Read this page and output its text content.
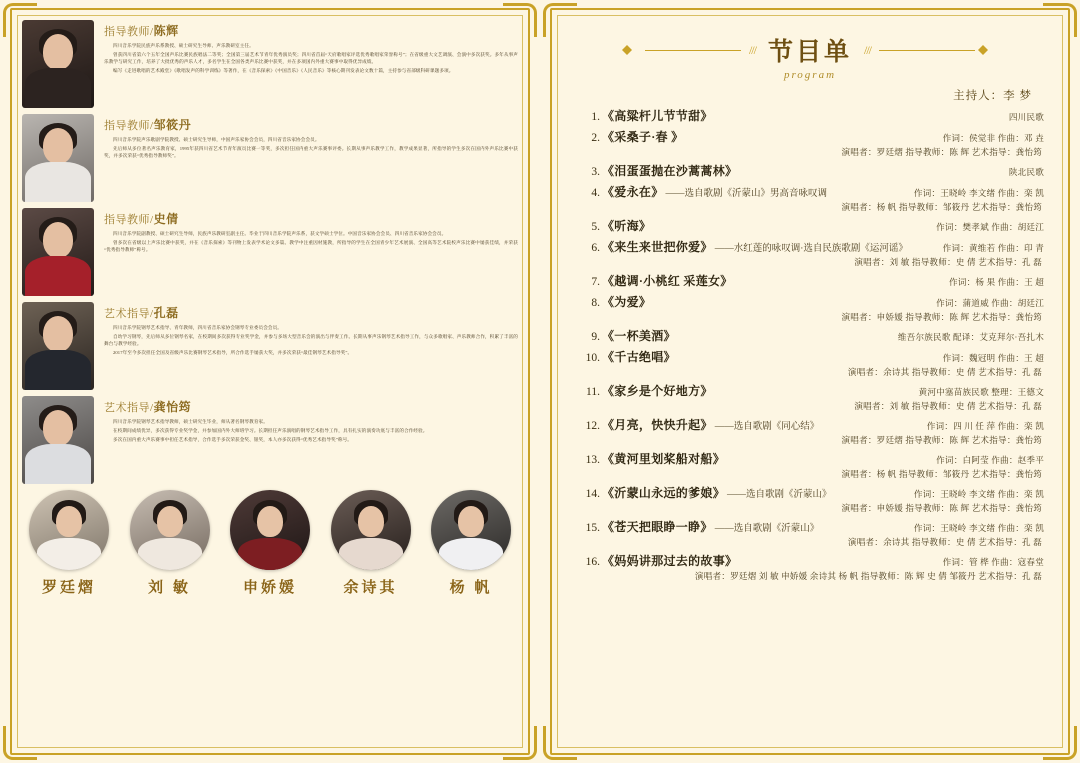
指导教师/陈辉

四川音乐学院民族声乐系教授、硕士研究生导师、声乐教研室主任。

曾获四川省第六个五年全国声乐比赛民族唱法二等奖；全国第三届艺术节青年优秀演员奖；四川省首届“天府歌唱家评选优秀歌唱家荣誉称号”；在省级重大文艺调演、会演中多次获奖。多年从事声乐教学与研究工作，培养了大批优秀的声乐人才，多名学生在全国各类声乐比赛中获奖，并在多项国内外重大赛事中取得优异成绩。

编写《走进歌唱的艺术殿堂》《歌唱发声的科学训练》等著作，在《音乐探索》《中国音乐》《人民音乐》等核心期刊发表论文数十篇，主持参与省部级科研课题多项。

指导教师/邹筱丹

四川音乐学院声乐歌剧学院教授、硕士研究生导师，中国声乐家协会会员，四川省音乐家协会会员。

先后师从多位著名声乐教育家，1995年获四川省艺术节青年演员比赛一等奖，多次担任国内重大声乐赛事评委。长期从事声乐教学工作，教学成果显著，所指导的学生多次在国内外声乐比赛中获奖，并多次荣获“优秀指导教师奖”。

指导教师/史倩

四川音乐学院副教授、硕士研究生导师，民族声乐教研室副主任。毕业于四川音乐学院声乐系，获文学硕士学位。中国音乐家协会会员、四川省音乐家协会会员。

曾多次在省级以上声乐比赛中获奖，并在《音乐探索》等刊物上发表学术论文多篇。教学中注重因材施教，所指导的学生在全国青少年艺术展演、全国高等艺术院校声乐比赛中屡获佳绩，并荣获“优秀指导教师”称号。

艺术指导/孔磊

四川音乐学院钢琴艺术指导、青年教师，四川省音乐家协会钢琴专业委员会会员。

自幼学习钢琴，先后师从多位钢琴名家，在校期间多次获得专业奖学金，并参与多场大型音乐会的演出与伴奏工作。长期从事声乐钢琴艺术指导工作，与众多歌唱家、声乐教师合作，积累了丰富的舞台与教学经验。

2017年至今多次担任全国及省级声乐比赛钢琴艺术指导，所合作选手屡获大奖，并多次荣获“最佳钢琴艺术指导奖”。

艺术指导/龚怡筠

四川音乐学院钢琴艺术指导教师，硕士研究生毕业，师从著名钢琴教育家。

在校期间成绩优异，多次获得专业奖学金，并参加国内外大师班学习。长期担任声乐演唱的钢琴艺术指导工作，具有扎实的演奏功底与丰富的合作经验。

多次在国内重大声乐赛事中担任艺术指导，合作选手多次荣获金奖、银奖，本人亦多次获得“优秀艺术指导奖”称号。

罗廷熠	刘 敏	申娇媛	余诗其	杨 帆
/// 节目单	///
program
主持人：李 梦
1. 《高粱杆儿节节甜》	四川民歌
2. 《采桑子·春 》	作词：侯觉非 作曲：邓 垚
演唱者：罗廷熠 指导教师：陈 辉 艺术指导：龚怡筠
3. 《泪蛋蛋抛在沙蒿蒿林》	陕北民歌
4. 《爱永在》 ——选自歌剧《沂蒙山》男高音咏叹调	作词：王晓岭 李文绪 作曲：栾 凯
演唱者：杨 帆 指导教师：邹筱丹 艺术指导：龚怡筠
5. 《听海》	作词：樊孝斌 作曲：胡廷江
6. 《来生来世把你爱》 ——水红莲的咏叹调·选自民族歌剧《运河谣》	作词：黄维若 作曲：印 青
演唱者：刘 敏 指导教师：史 倩 艺术指导：孔 磊
7. 《越调·小桃红 采莲女》	作词：杨 果 作曲：王 超
8. 《为爱》	作词：蒲道威 作曲：胡廷江
演唱者：申娇媛 指导教师：陈 辉 艺术指导：龚怡筠
9. 《一杯美酒》	维吾尔族民歌 配译：艾克拜尔·吾扎木
10. 《千古绝唱》	作词：魏冠明 作曲：王 超
演唱者：余诗其 指导教师：史 倩 艺术指导：孔 磊
11. 《家乡是个好地方》	黄河中塞苗族民歌 整理：王德文
演唱者：刘 敏 指导教师：史 倩 艺术指导：孔 磊
12. 《月亮，快快升起》 ——选自歌剧《同心结》	作词：四 川 任 萍 作曲：栾 凯
演唱者：罗廷熠 指导教师：陈 辉 艺术指导：龚怡筠
13. 《黄河里划桨船对船》	作词：白阿莹 作曲：赵季平
演唱者：杨 帆 指导教师：邹筱丹 艺术指导：龚怡筠
14. 《沂蒙山永远的爹娘》 ——选自歌剧《沂蒙山》	作词：王晓岭 李文绪 作曲：栾 凯
演唱者：申娇媛 指导教师：陈 辉 艺术指导：龚怡筠
15. 《苍天把眼睁一睁》 ——选自歌剧《沂蒙山》	作词：王晓岭 李文绪 作曲：栾 凯
演唱者：余诗其 指导教师：史 倩 艺术指导：孔 磊
16. 《妈妈讲那过去的故事》	作词：管 桦 作曲：寇春堂
演唱者：罗廷熠 刘 敏 申娇媛 余诗其 杨 帆 指导教师：陈 辉 史 倩 邹筱丹 艺术指导：孔 磊
